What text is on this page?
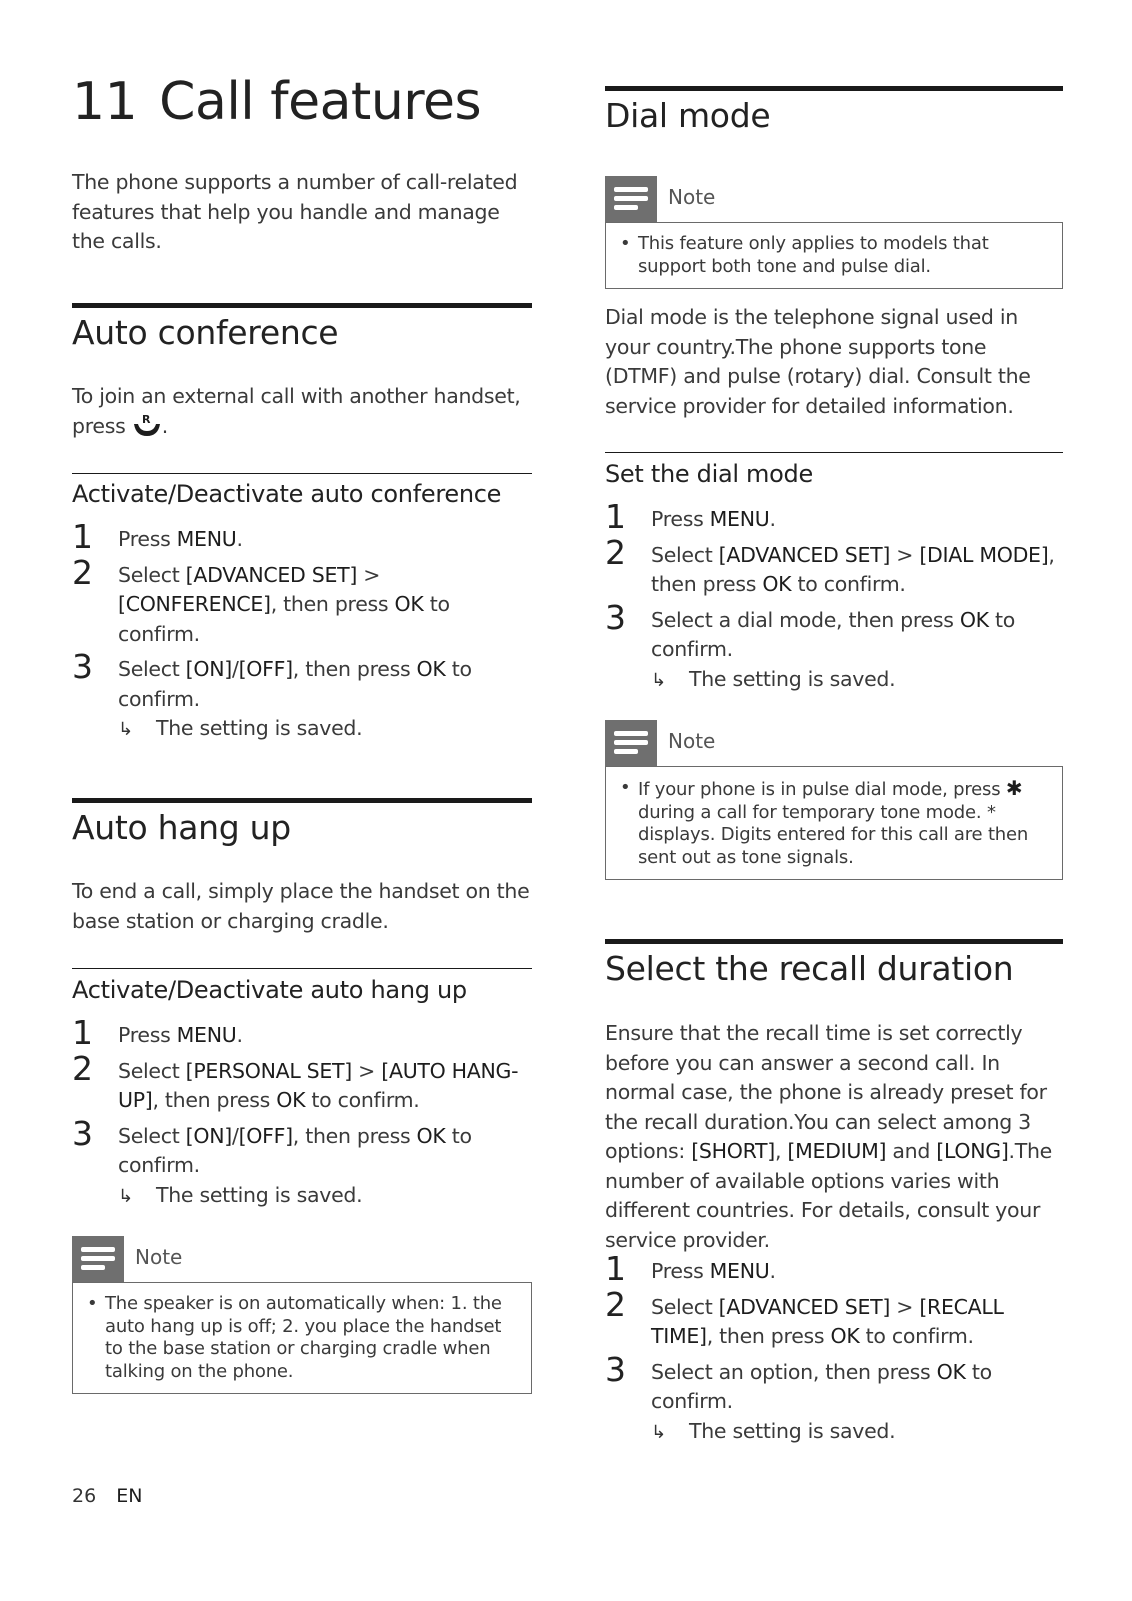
11 Call features

The phone supports a number of call-related features that help you handle and manage the calls.

Auto conference

To join an external call with another handset, press R .

Activate/Deactivate auto conference
1 Press MENU.
2 Select [ADVANCED SET] >
[CONFERENCE], then press OK to confirm.
3 Select [ON]/[OFF], then press OK to confirm.
↳ The setting is saved.
Auto hang up

To end a call, simply place the handset on the base station or charging cradle.

Activate/Deactivate auto hang up
1 Press MENU.
2 Select [PERSONAL SET] > [AUTO HANG-UP], then press OK to confirm.
3 Select [ON]/[OFF], then press OK to confirm.
↳ The setting is saved.
Note
• The speaker is on automatically when: 1. the auto hang up is off; 2. you place the handset to the base station or charging cradle when talking on the phone.
Dial mode
Note
• This feature only applies to models that support both tone and pulse dial.

Dial mode is the telephone signal used in your country.The phone supports tone (DTMF) and pulse (rotary) dial. Consult the service provider for detailed information.

Set the dial mode
1 Press MENU.
2 Select [ADVANCED SET] > [DIAL MODE], then press OK to confirm.
3 Select a dial mode, then press OK to confirm.
↳ The setting is saved.
Note
• If your phone is in pulse dial mode, press ✱ during a call for temporary tone mode. * displays. Digits entered for this call are then sent out as tone signals.
Select the recall duration

Ensure that the recall time is set correctly before you can answer a second call. In normal case, the phone is already preset for the recall duration.You can select among 3 options: [SHORT], [MEDIUM] and [LONG].The number of available options varies with different countries. For details, consult your service provider.

1 Press MENU.
2 Select [ADVANCED SET] > [RECALL TIME], then press OK to confirm.
3 Select an option, then press OK to confirm.
↳ The setting is saved.
26 EN
